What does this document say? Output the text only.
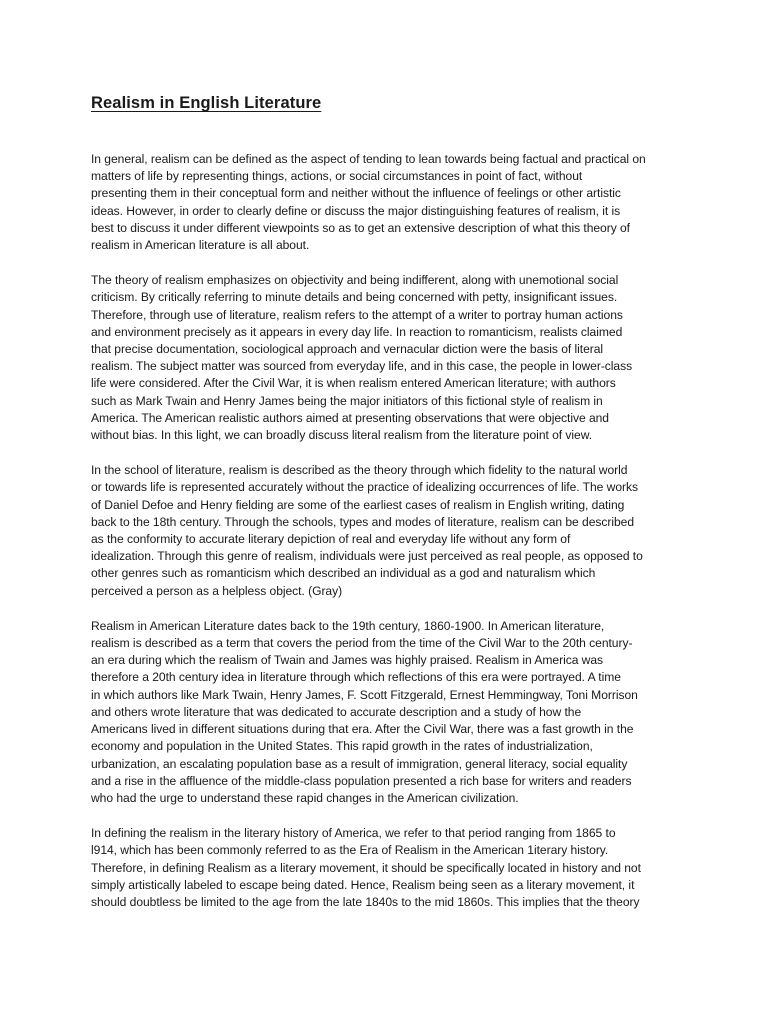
Realism in English Literature
In general, realism can be defined as the aspect of tending to lean towards being factual and practical on
matters of life by representing things, actions, or social circumstances in point of fact, without
presenting them in their conceptual form and neither without the influence of feelings or other artistic
ideas. However, in order to clearly define or discuss the major distinguishing features of realism, it is
best to discuss it under different viewpoints so as to get an extensive description of what this theory of
realism in American literature is all about.
The theory of realism emphasizes on objectivity and being indifferent, along with unemotional social
criticism. By critically referring to minute details and being concerned with petty, insignificant issues.
Therefore, through use of literature, realism refers to the attempt of a writer to portray human actions
and environment precisely as it appears in every day life. In reaction to romanticism, realists claimed
that precise documentation, sociological approach and vernacular diction were the basis of literal
realism. The subject matter was sourced from everyday life, and in this case, the people in lower-class
life were considered. After the Civil War, it is when realism entered American literature; with authors
such as Mark Twain and Henry James being the major initiators of this fictional style of realism in
America. The American realistic authors aimed at presenting observations that were objective and
without bias. In this light, we can broadly discuss literal realism from the literature point of view.
In the school of literature, realism is described as the theory through which fidelity to the natural world
or towards life is represented accurately without the practice of idealizing occurrences of life. The works
of Daniel Defoe and Henry fielding are some of the earliest cases of realism in English writing, dating
back to the 18th century. Through the schools, types and modes of literature, realism can be described
as the conformity to accurate literary depiction of real and everyday life without any form of
idealization. Through this genre of realism, individuals were just perceived as real people, as opposed to
other genres such as romanticism which described an individual as a god and naturalism which
perceived a person as a helpless object. (Gray)
Realism in American Literature dates back to the 19th century, 1860-1900. In American literature,
realism is described as a term that covers the period from the time of the Civil War to the 20th century-
an era during which the realism of Twain and James was highly praised. Realism in America was
therefore a 20th century idea in literature through which reflections of this era were portrayed. A time
in which authors like Mark Twain, Henry James, F. Scott Fitzgerald, Ernest Hemmingway, Toni Morrison
and others wrote literature that was dedicated to accurate description and a study of how the
Americans lived in different situations during that era. After the Civil War, there was a fast growth in the
economy and population in the United States. This rapid growth in the rates of industrialization,
urbanization, an escalating population base as a result of immigration, general literacy, social equality
and a rise in the affluence of the middle-class population presented a rich base for writers and readers
who had the urge to understand these rapid changes in the American civilization.
In defining the realism in the literary history of America, we refer to that period ranging from 1865 to
l914, which has been commonly referred to as the Era of Realism in the American 1iterary history.
Therefore, in defining Realism as a literary movement, it should be specifically located in history and not
simply artistically labeled to escape being dated. Hence, Realism being seen as a literary movement, it
should doubtless be limited to the age from the late 1840s to the mid 1860s. This implies that the theory
